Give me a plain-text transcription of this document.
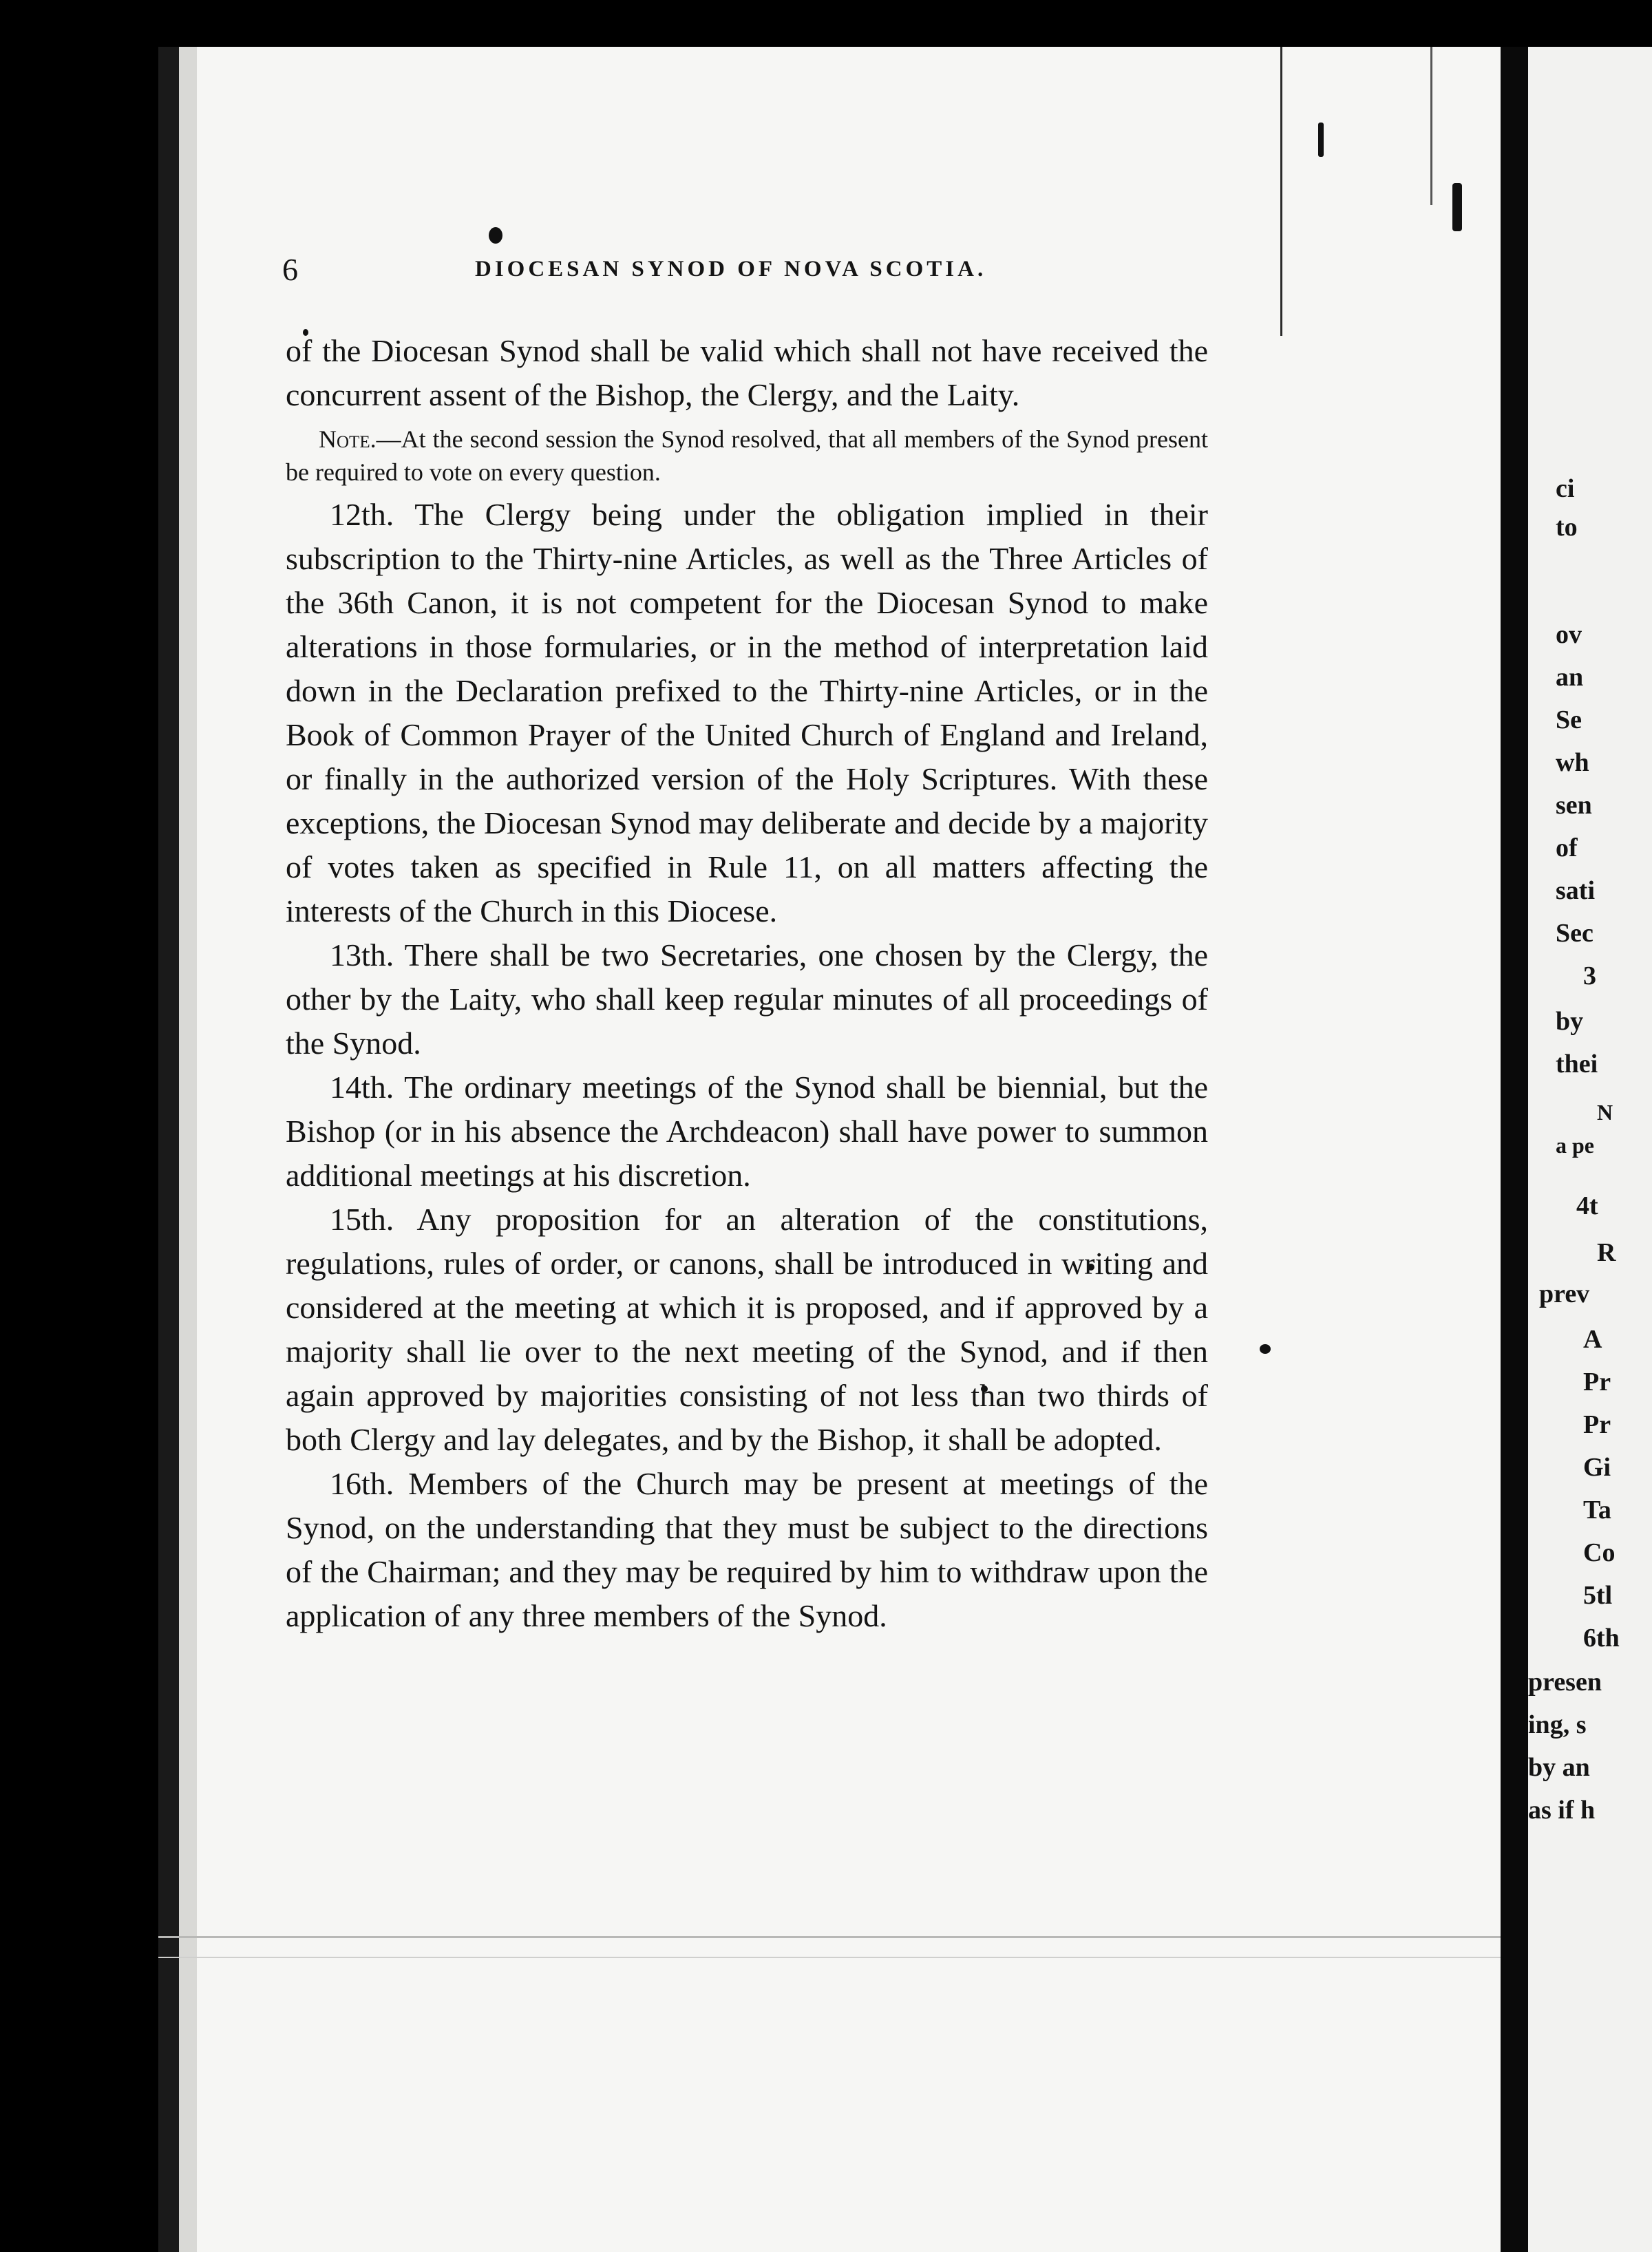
6	DIOCESAN SYNOD OF NOVA SCOTIA.

of the Diocesan Synod shall be valid which shall not have received the concurrent assent of the Bishop, the Clergy, and the Laity.

Note.—At the second session the Synod resolved, that all members of the Synod present be required to vote on every question.

12th. The Clergy being under the obligation implied in their subscription to the Thirty-nine Articles, as well as the Three Articles of the 36th Canon, it is not competent for the Diocesan Synod to make alterations in those formularies, or in the method of interpretation laid down in the Declaration prefixed to the Thirty-nine Articles, or in the Book of Common Prayer of the United Church of England and Ireland, or finally in the authorized version of the Holy Scriptures. With these exceptions, the Diocesan Synod may deliberate and decide by a majority of votes taken as specified in Rule 11, on all matters affecting the interests of the Church in this Diocese.

13th. There shall be two Secretaries, one chosen by the Clergy, the other by the Laity, who shall keep regular minutes of all proceedings of the Synod.

14th. The ordinary meetings of the Synod shall be biennial, but the Bishop (or in his absence the Archdeacon) shall have power to summon additional meetings at his discretion.

15th. Any proposition for an alteration of the constitutions, regulations, rules of order, or canons, shall be introduced in writing and considered at the meeting at which it is proposed, and if approved by a majority shall lie over to the next meeting of the Synod, and if then again approved by majorities consisting of not less than two thirds of both Clergy and lay delegates, and by the Bishop, it shall be adopted.

16th. Members of the Church may be present at meetings of the Synod, on the understanding that they must be subject to the directions of the Chairman; and they may be required by him to withdraw upon the application of any three members of the Synod.

ci
to
ov
an
Se
wh
sen
of
sati
Sec
3
by
thei
N
a pe
4t
R
prev
A
Pr
Pr
Gi
Ta
Co
5tl
6th
presen
ing, s
by an
as if h
